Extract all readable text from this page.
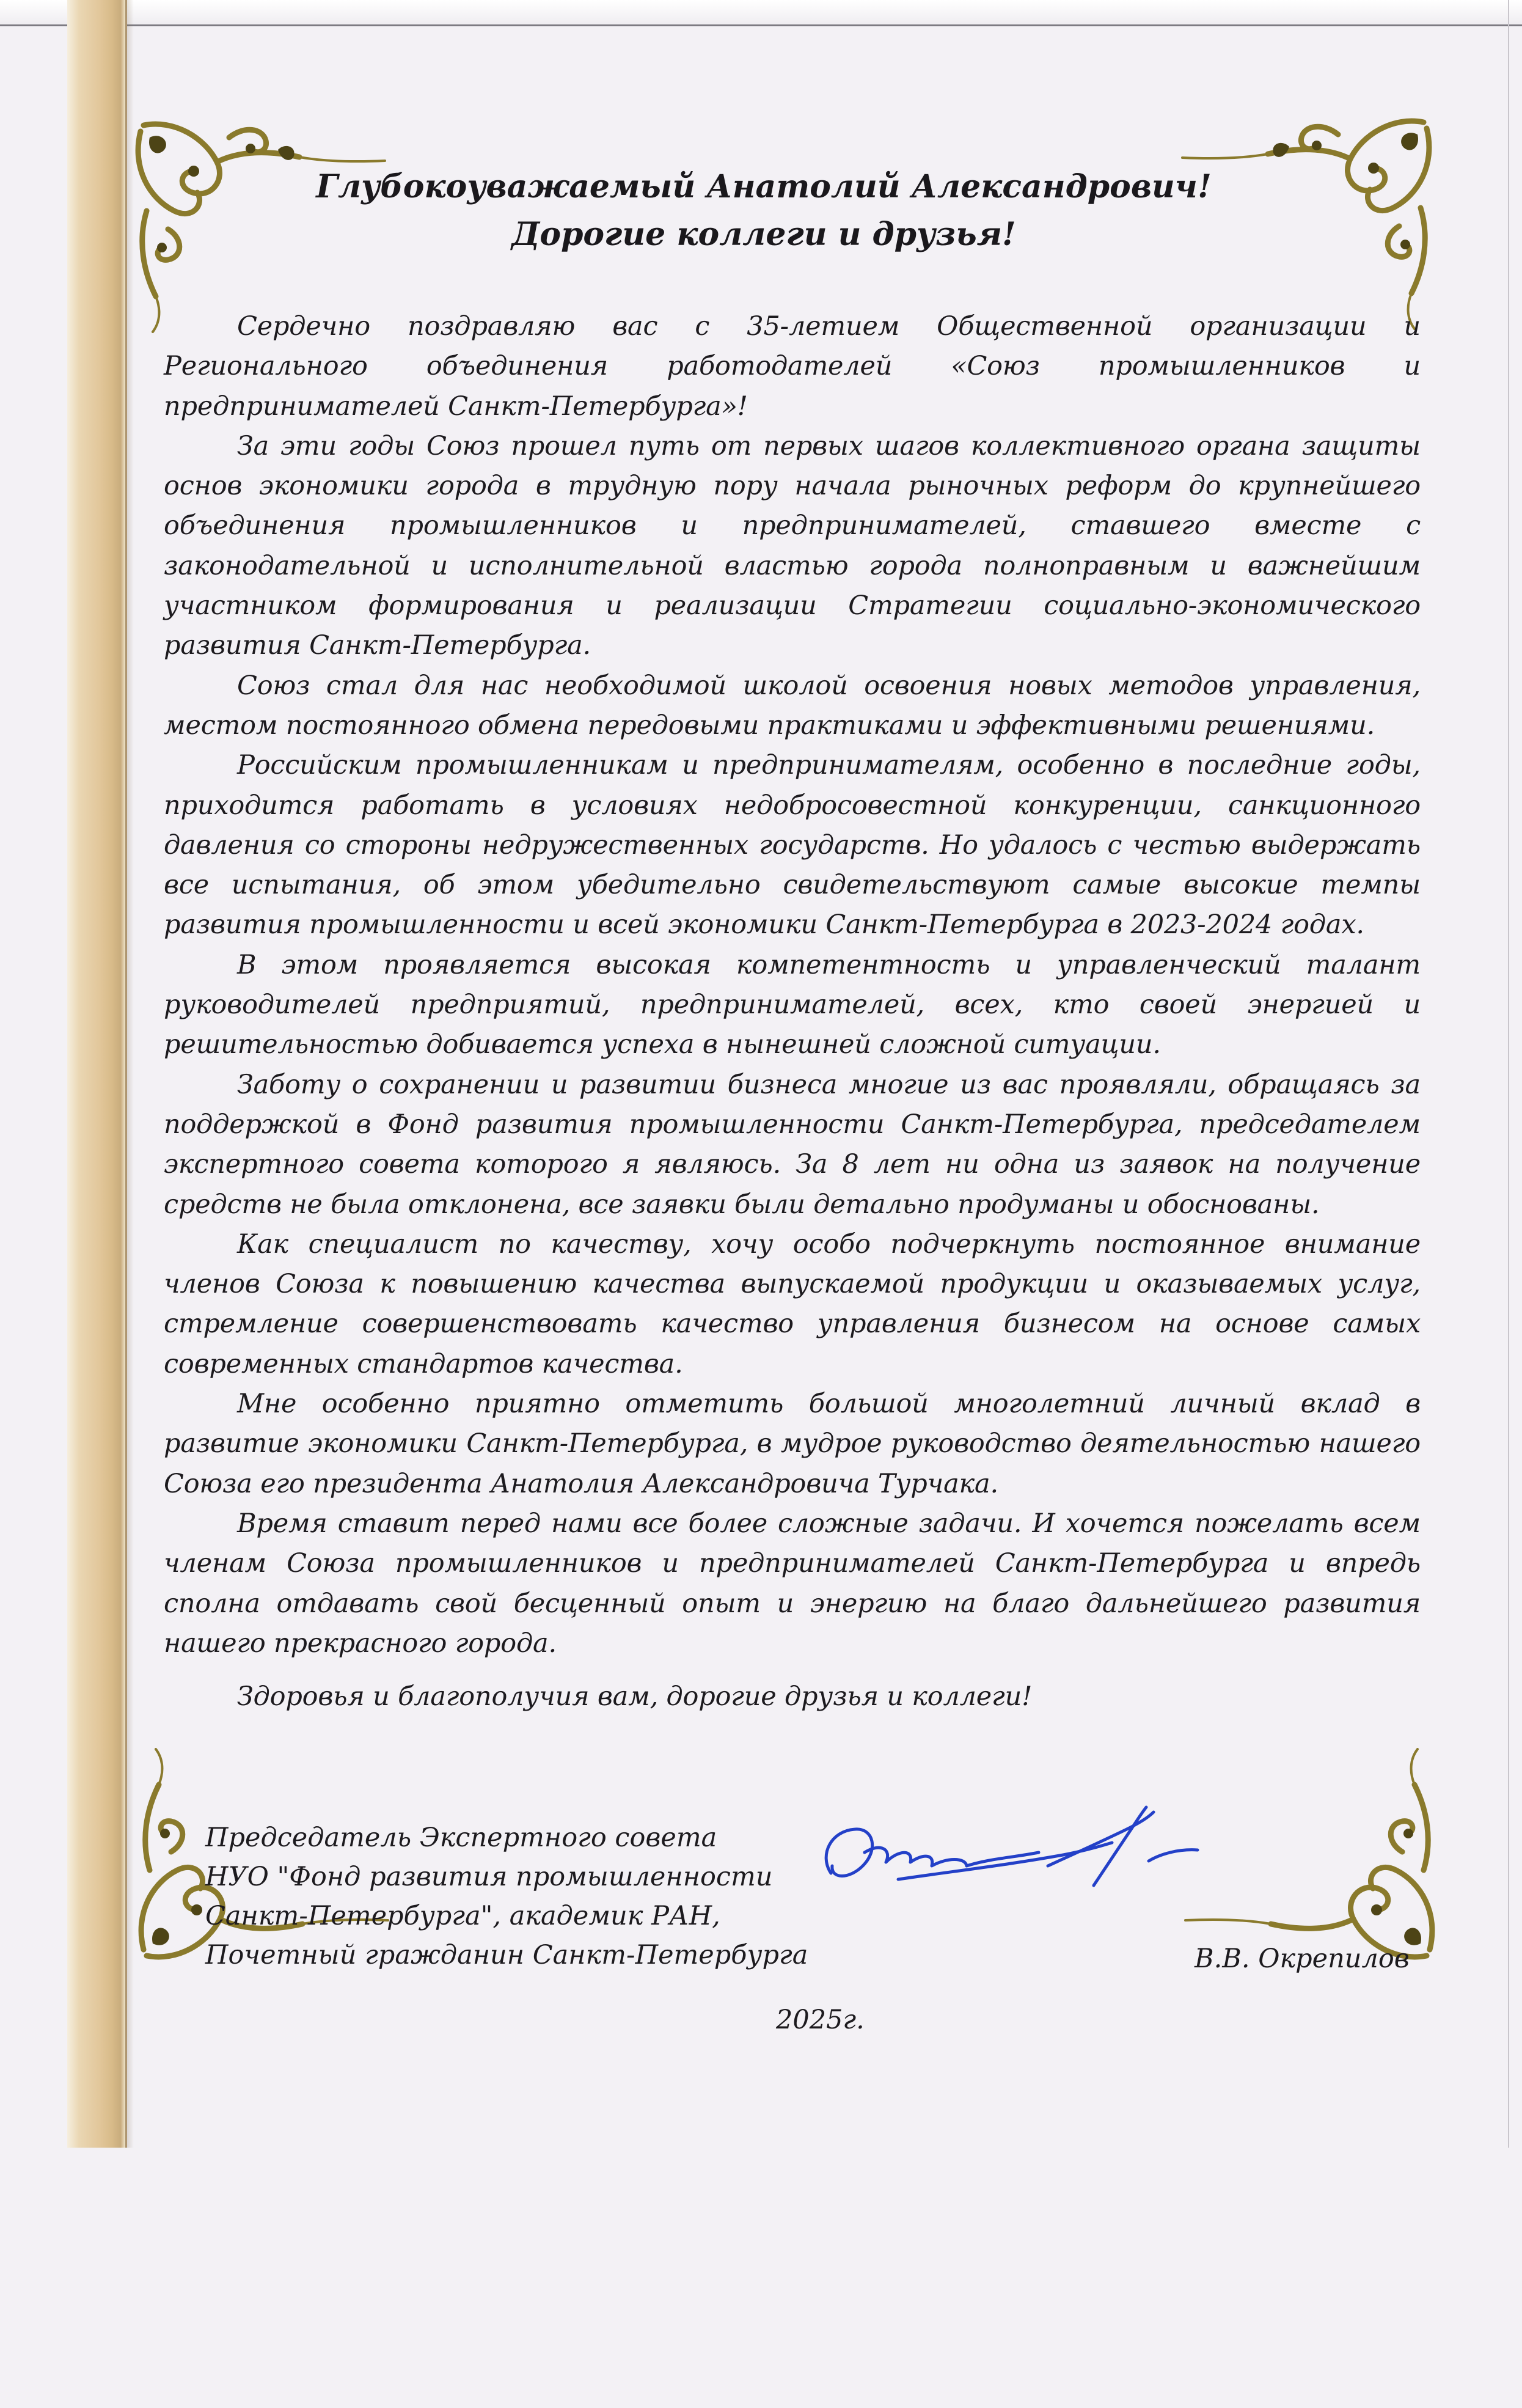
Глубокоуважаемый Анатолий Александрович!
Дорогие коллеги и друзья!

Сердечно поздравляю вас с 35-летием Общественной организации и Регионального объединения работодателей «Союз промышленников и предпринимателей Санкт-Петербурга»!

За эти годы Союз прошел путь от первых шагов коллективного органа защиты основ экономики города в трудную пору начала рыночных реформ до крупнейшего объединения промышленников и предпринимателей, ставшего вместе с законодательной и исполнительной властью города полноправным и важнейшим участником формирования и реализации Стратегии социально-экономического развития Санкт-Петербурга.

Союз стал для нас необходимой школой освоения новых методов управления, местом постоянного обмена передовыми практиками и эффективными решениями.

Российским промышленникам и предпринимателям, особенно в последние годы, приходится работать в условиях недобросовестной конкуренции, санкционного давления со стороны недружественных государств. Но удалось с честью выдержать все испытания, об этом убедительно свидетельствуют самые высокие темпы развития промышленности и всей экономики Санкт-Петербурга в 2023-2024 годах.

В этом проявляется высокая компетентность и управленческий талант руководителей предприятий, предпринимателей, всех, кто своей энергией и решительностью добивается успеха в нынешней сложной ситуации.

Заботу о сохранении и развитии бизнеса многие из вас проявляли, обращаясь за поддержкой в Фонд развития промышленности Санкт-Петербурга, председателем экспертного совета которого я являюсь. За 8 лет ни одна из заявок на получение средств не была отклонена, все заявки были детально продуманы и обоснованы.

Как специалист по качеству, хочу особо подчеркнуть постоянное внимание членов Союза к повышению качества выпускаемой продукции и оказываемых услуг, стремление совершенствовать качество управления бизнесом на основе самых современных стандартов качества.

Мне особенно приятно отметить большой многолетний личный вклад в развитие экономики Санкт-Петербурга, в мудрое руководство деятельностью нашего Союза его президента Анатолия Александровича Турчака.

Время ставит перед нами все более сложные задачи. И хочется пожелать всем членам Союза промышленников и предпринимателей Санкт-Петербурга и впредь сполна отдавать свой бесценный опыт и энергию на благо дальнейшего развития нашего прекрасного города.

Здоровья и благополучия вам, дорогие друзья и коллеги!

Председатель Экспертного совета
НУО "Фонд развития промышленности
Санкт-Петербурга", академик РАН,
Почетный гражданин Санкт-Петербурга	В.В. Окрепилов
2025г.
